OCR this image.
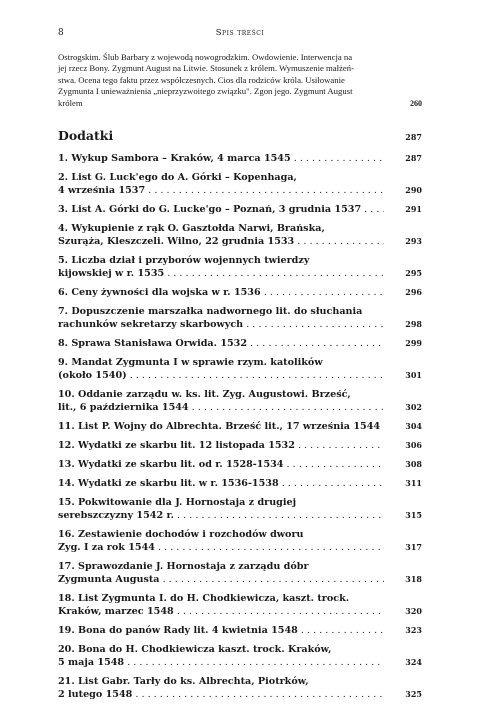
8	Spis treści
Ostrogskim. Ślub Barbary z wojewodą nowogrodzkim. Owdowienie. Interwencja na
jej rzecz Bony. Zygmunt August na Litwie. Stosunek z królem. Wymuszenie małżeń-
stwa. Ocena tego faktu przez współczesnych. Cios dla rodziców króla. Usiłowanie
Zygmunta I unieważnienia „nieprzyzwoitego związku". Zgon jego. Zygmunt August
królem	260
Dodatki	287
1. Wykup Sambora – Kraków, 4 marca 1545 . . .	287
2. List G. Luck'ego do A. Górki – Kopenhaga,
4 września 1537 . . .	290
3. List A. Górki do G. Lucke'go – Poznań, 3 grudnia 1537 . . .	291
4. Wykupienie z rąk O. Gasztołda Narwi, Brańska,
Szurąża, Kleszczeli. Wilno, 22 grudnia 1533 . . .	293
5. Liczba dział i przyborów wojennych twierdzy
kijowskiej w r. 1535 . . .	295
6. Ceny żywności dla wojska w r. 1536 . . .	296
7. Dopuszczenie marszałka nadwornego lit. do słuchania
rachunków sekretarzy skarbowych . . .	298
8. Sprawa Stanisława Orwida. 1532 . . .	299
9. Mandat Zygmunta I w sprawie rzym. katolików
(około 1540) . . .	301
10. Oddanie zarządu w. ks. lit. Zyg. Augustowi. Brześć,
lit., 6 października 1544 . . .	302
11. List P. Wojny do Albrechta. Brześć lit., 17 września 1544 . . .	304
12. Wydatki ze skarbu lit. 12 listopada 1532 . . .	306
13. Wydatki ze skarbu lit. od r. 1528-1534 . . .	308
14. Wydatki ze skarbu lit. w r. 1536-1538 . . .	311
15. Pokwitowanie dla J. Hornostaja z drugiej
serebszczyzny 1542 r. . . .	315
16. Zestawienie dochodów i rozchodów dworu
Zyg. I za rok 1544 . . .	317
17. Sprawozdanie J. Hornostaja z zarządu dóbr
Zygmunta Augusta . . .	318
18. List Zygmunta I. do H. Chodkiewicza, kaszt. trock.
Kraków, marzec 1548 . . .	320
19. Bona do panów Rady lit. 4 kwietnia 1548 . . .	323
20. Bona do H. Chodkiewicza kaszt. trock. Kraków,
5 maja 1548 . . .	324
21. List Gabr. Tarły do ks. Albrechta, Piotrków,
2 lutego 1548 . . .	325
